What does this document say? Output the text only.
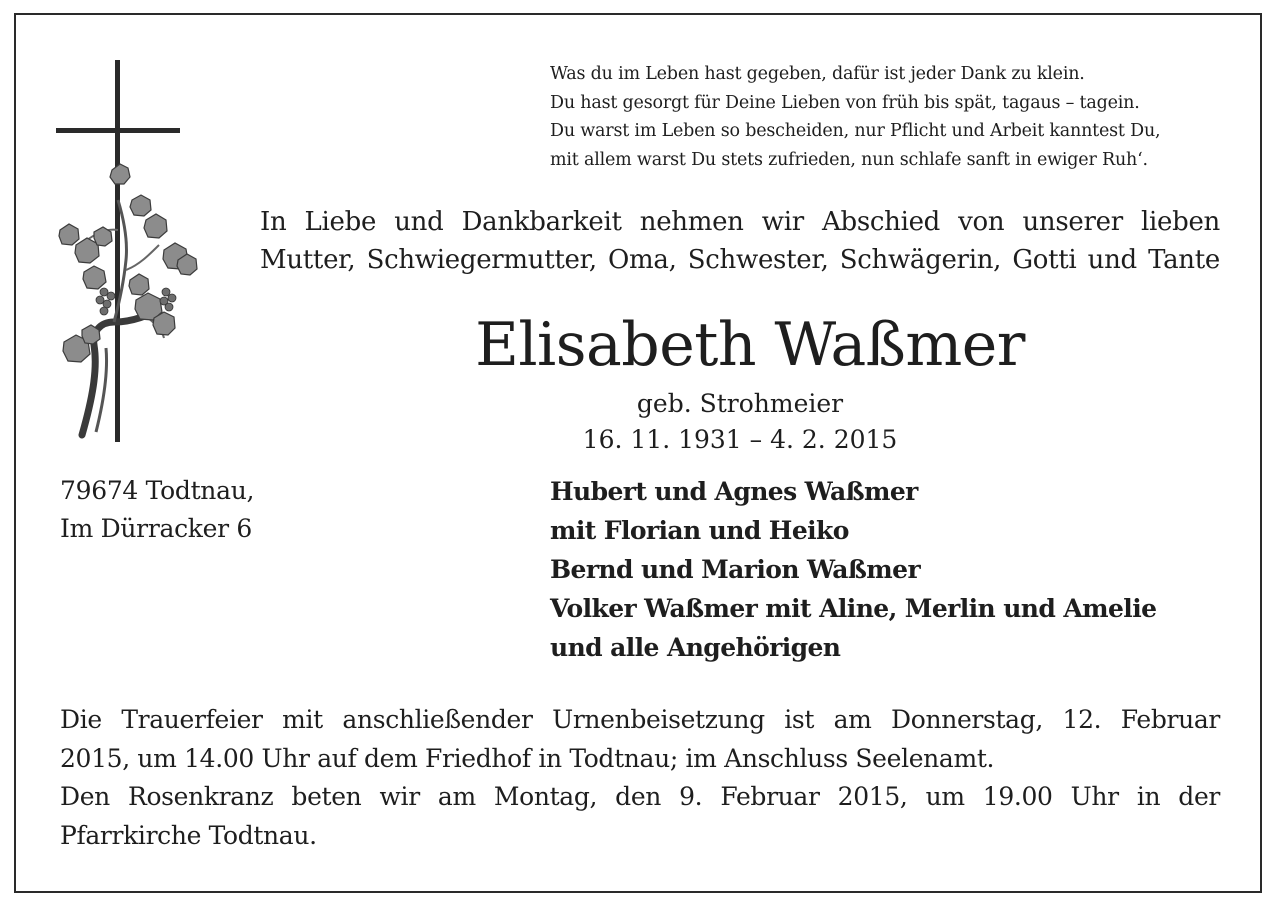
Was du im Leben hast gegeben, dafür ist jeder Dank zu klein.
Du hast gesorgt für Deine Lieben von früh bis spät, tagaus – tagein.
Du warst im Leben so bescheiden, nur Pflicht und Arbeit kanntest Du,
mit allem warst Du stets zufrieden, nun schlafe sanft in ewiger Ruh‘.
In Liebe und Dankbarkeit nehmen wir Abschied von unserer lieben
Mutter, Schwiegermutter, Oma, Schwester, Schwägerin, Gotti und Tante
Elisabeth Waßmer
geb. Strohmeier
16. 11. 1931 – 4. 2. 2015
79674 Todtnau,
Im Dürracker 6
Hubert und Agnes Waßmer
mit Florian und Heiko
Bernd und Marion Waßmer
Volker Waßmer mit Aline, Merlin und Amelie
und alle Angehörigen
Die Trauerfeier mit anschließender Urnenbeisetzung ist am Donnerstag, 12. Februar
2015, um 14.00 Uhr auf dem Friedhof in Todtnau; im Anschluss Seelenamt.
Den Rosenkranz beten wir am Montag, den 9. Februar 2015, um 19.00 Uhr in der
Pfarrkirche Todtnau.
